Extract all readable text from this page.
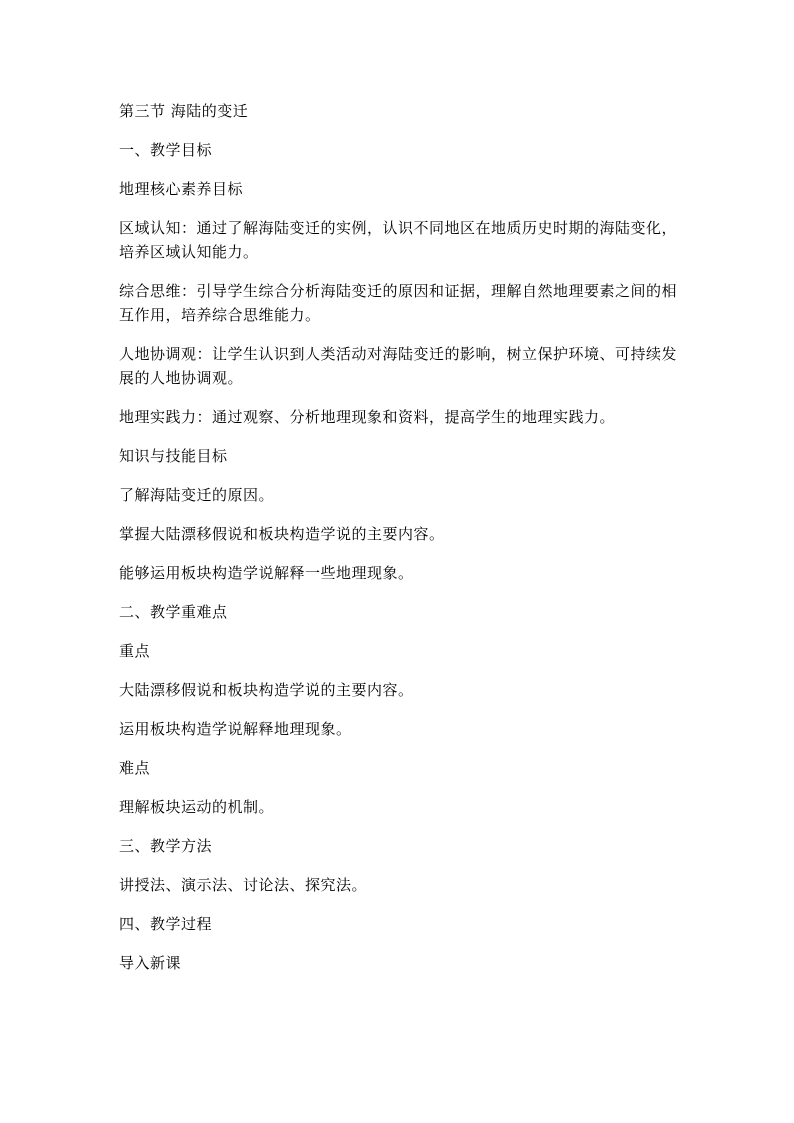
第三节 海陆的变迁

一、教学目标

地理核心素养目标

区域认知：通过了解海陆变迁的实例，认识不同地区在地质历史时期的海陆变化，培养区域认知能力。

综合思维：引导学生综合分析海陆变迁的原因和证据，理解自然地理要素之间的相互作用，培养综合思维能力。

人地协调观：让学生认识到人类活动对海陆变迁的影响，树立保护环境、可持续发展的人地协调观。

地理实践力：通过观察、分析地理现象和资料，提高学生的地理实践力。

知识与技能目标

了解海陆变迁的原因。

掌握大陆漂移假说和板块构造学说的主要内容。

能够运用板块构造学说解释一些地理现象。

二、教学重难点

重点

大陆漂移假说和板块构造学说的主要内容。

运用板块构造学说解释地理现象。

难点

理解板块运动的机制。

三、教学方法

讲授法、演示法、讨论法、探究法。

四、教学过程

导入新课
